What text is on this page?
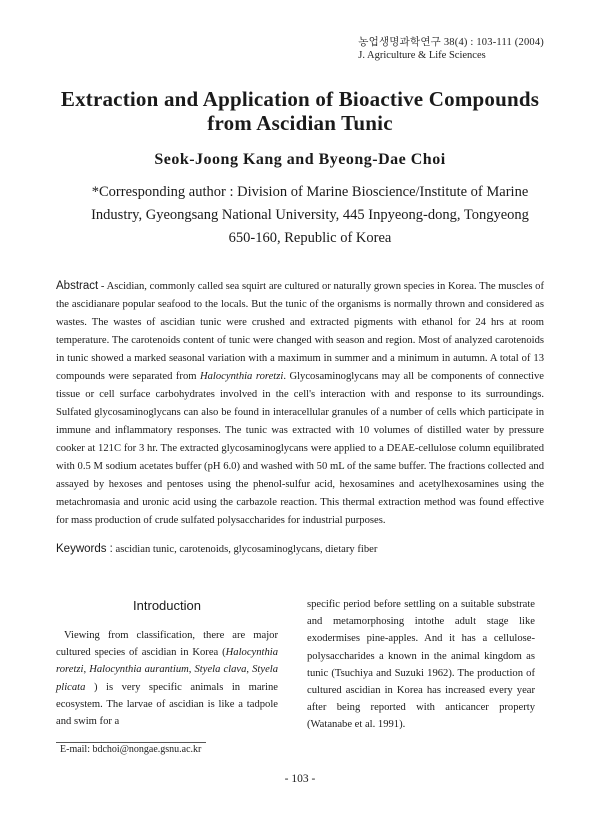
농업생명과학연구 38(4) : 103-111 (2004)
J. Agriculture & Life Sciences
Extraction and Application of Bioactive Compounds
from Ascidian Tunic
Seok-Joong Kang and Byeong-Dae Choi
*Corresponding author : Division of Marine Bioscience/Institute of Marine
Industry, Gyeongsang National University, 445 Inpyeong-dong, Tongyeong
650-160, Republic of Korea
Abstract - Ascidian, commonly called sea squirt are cultured or naturally grown species in Korea. The muscles of the ascidianare popular seafood to the locals. But the tunic of the organisms is normally thrown and considered as wastes. The wastes of ascidian tunic were crushed and extracted pigments with ethanol for 24 hrs at room temperature. The carotenoids content of tunic were changed with season and region. Most of analyzed carotenoids in tunic showed a marked seasonal variation with a maximum in summer and a minimum in autumn. A total of 13 compounds were separated from Halocynthia roretzi. Glycosaminoglycans may all be components of connective tissue or cell surface carbohydrates involved in the cell's interaction with and response to its surroundings. Sulfated glycosaminoglycans can also be found in interacellular granules of a number of cells which participate in immune and inflammatory responses. The tunic was extracted with 10 volumes of distilled water by pressure cooker at 121C for 3 hr. The extracted glycosaminoglycans were applied to a DEAE-cellulose column equilibrated with 0.5 M sodium acetates buffer (pH 6.0) and washed with 50 mL of the same buffer. The fractions collected and assayed by hexoses and pentoses using the phenol-sulfur acid, hexosamines and acetylhexosamines using the metachromasia and uronic acid using the carbazole reaction. This thermal extraction method was found effective for mass production of crude sulfated polysaccharides for industrial purposes.
Keywords : ascidian tunic, carotenoids, glycosaminoglycans, dietary fiber
Introduction

Viewing from classification, there are major cultured species of ascidian in Korea (Halocynthia roretzi, Halocynthia aurantium, Styela clava, Styela plicata ) is very specific animals in marine ecosystem. The larvae of ascidian is like a tadpole and swim for a

specific period before settling on a suitable substrate and metamorphosing intothe adult stage like exodermises pine-apples. And it has a cellulose-polysaccharides a known in the animal kingdom as tunic (Tsuchiya and Suzuki 1962). The production of cultured ascidian in Korea has increased every year after being reported with anticancer property (Watanabe et al. 1991).

E-mail: bdchoi@nongae.gsnu.ac.kr
- 103 -
